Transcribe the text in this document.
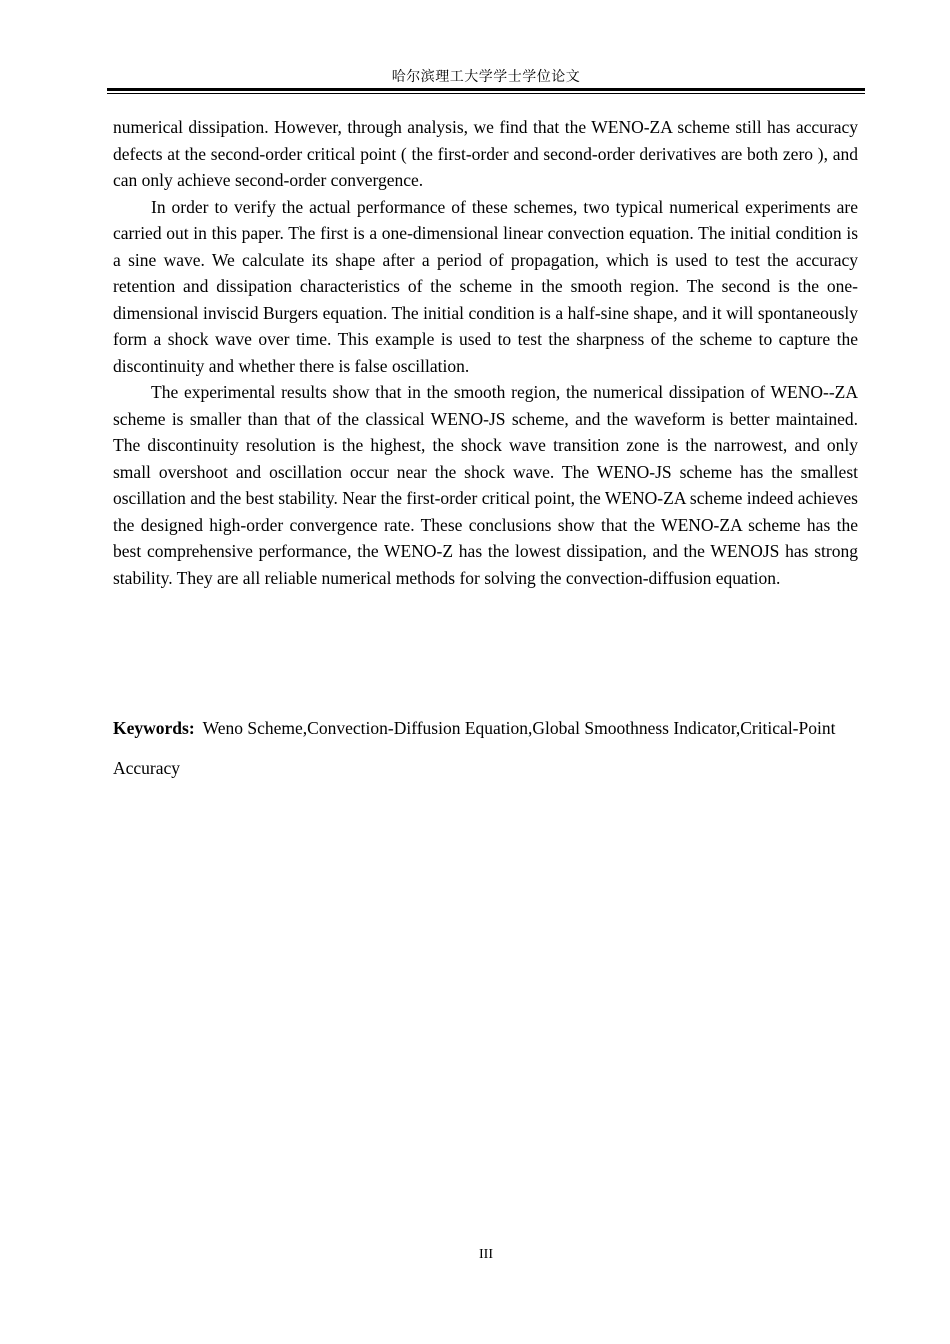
哈尔滨理工大学学士学位论文

numerical dissipation. However, through analysis, we find that the WENO-ZA scheme still has accuracy defects at the second-order critical point ( the first-order and second-order derivatives are both zero ), and can only achieve second-order convergence.

In order to verify the actual performance of these schemes, two typical numerical experiments are carried out in this paper. The first is a one-dimensional linear convection equation. The initial condition is a sine wave. We calculate its shape after a period of propagation, which is used to test the accuracy retention and dissipation characteristics of the scheme in the smooth region. The second is the one-dimensional inviscid Burgers equation. The initial condition is a half-sine shape, and it will spontaneously form a shock wave over time. This example is used to test the sharpness of the scheme to capture the discontinuity and whether there is false oscillation.

The experimental results show that in the smooth region, the numerical dissipation of WENO--ZA scheme is smaller than that of the classical WENO-JS scheme, and the waveform is better maintained. The discontinuity resolution is the highest, the shock wave transition zone is the narrowest, and only small overshoot and oscillation occur near the shock wave. The WENO-JS scheme has the smallest oscillation and the best stability. Near the first-order critical point, the WENO-ZA scheme indeed achieves the designed high-order convergence rate. These conclusions show that the WENO-ZA scheme has the best comprehensive performance, the WENO-Z has the lowest dissipation, and the WENOJS has strong stability. They are all reliable numerical methods for solving the convection-diffusion equation.

Keywords: Weno Scheme,Convection-Diffusion Equation,Global Smoothness Indicator,Critical-Point Accuracy
III
